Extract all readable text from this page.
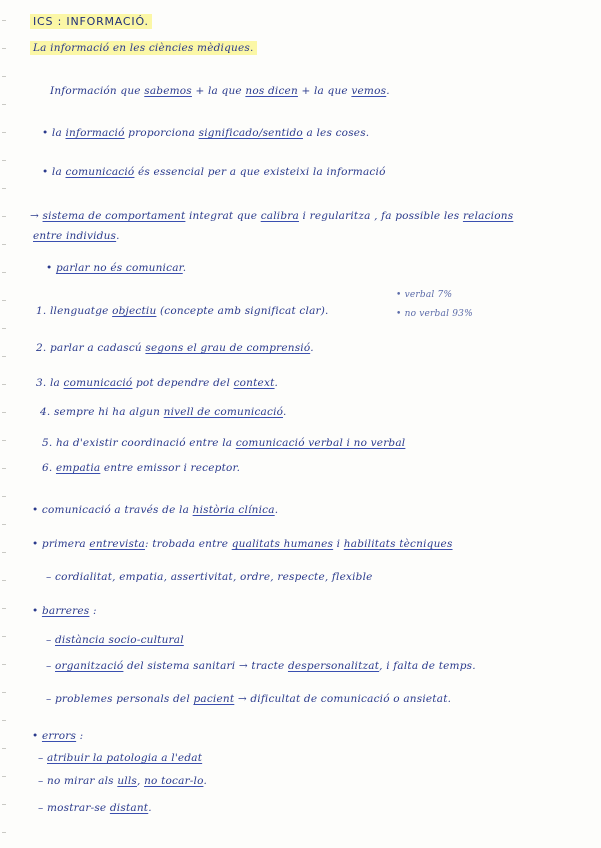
ICS : INFORMACIÓ.
La informació en les ciències mèdiques.
Información que sabemos + la que nos dicen + la que vemos.
• la informació proporciona significado/sentido a les coses.
• la comunicació és essencial per a que existeixi la informació
→ sistema de comportament integrat que calibra i regularitza , fa possible les relacions
entre individus.
• parlar no és comunicar.
1. llenguatge objectiu (concepte amb significat clar).
2. parlar a cadascú segons el grau de comprensió.
3. la comunicació pot dependre del context.
4. sempre hi ha algun nivell de comunicació.
5. ha d'existir coordinació entre la comunicació verbal i no verbal
6. empatia entre emissor i receptor.
• comunicació a través de la història clínica.
• primera entrevista: trobada entre qualitats humanes i habilitats tècniques
– cordialitat, empatia, assertivitat, ordre, respecte, flexible
• barreres :
– distància socio-cultural
– organització del sistema sanitari → tracte despersonalitzat, i falta de temps.
– problemes personals del pacient → dificultat de comunicació o ansietat.
• errors :
– atribuir la patologia a l'edat
– no mirar als ulls, no tocar-lo.
– mostrar-se distant.
• verbal 7%
• no verbal 93%
